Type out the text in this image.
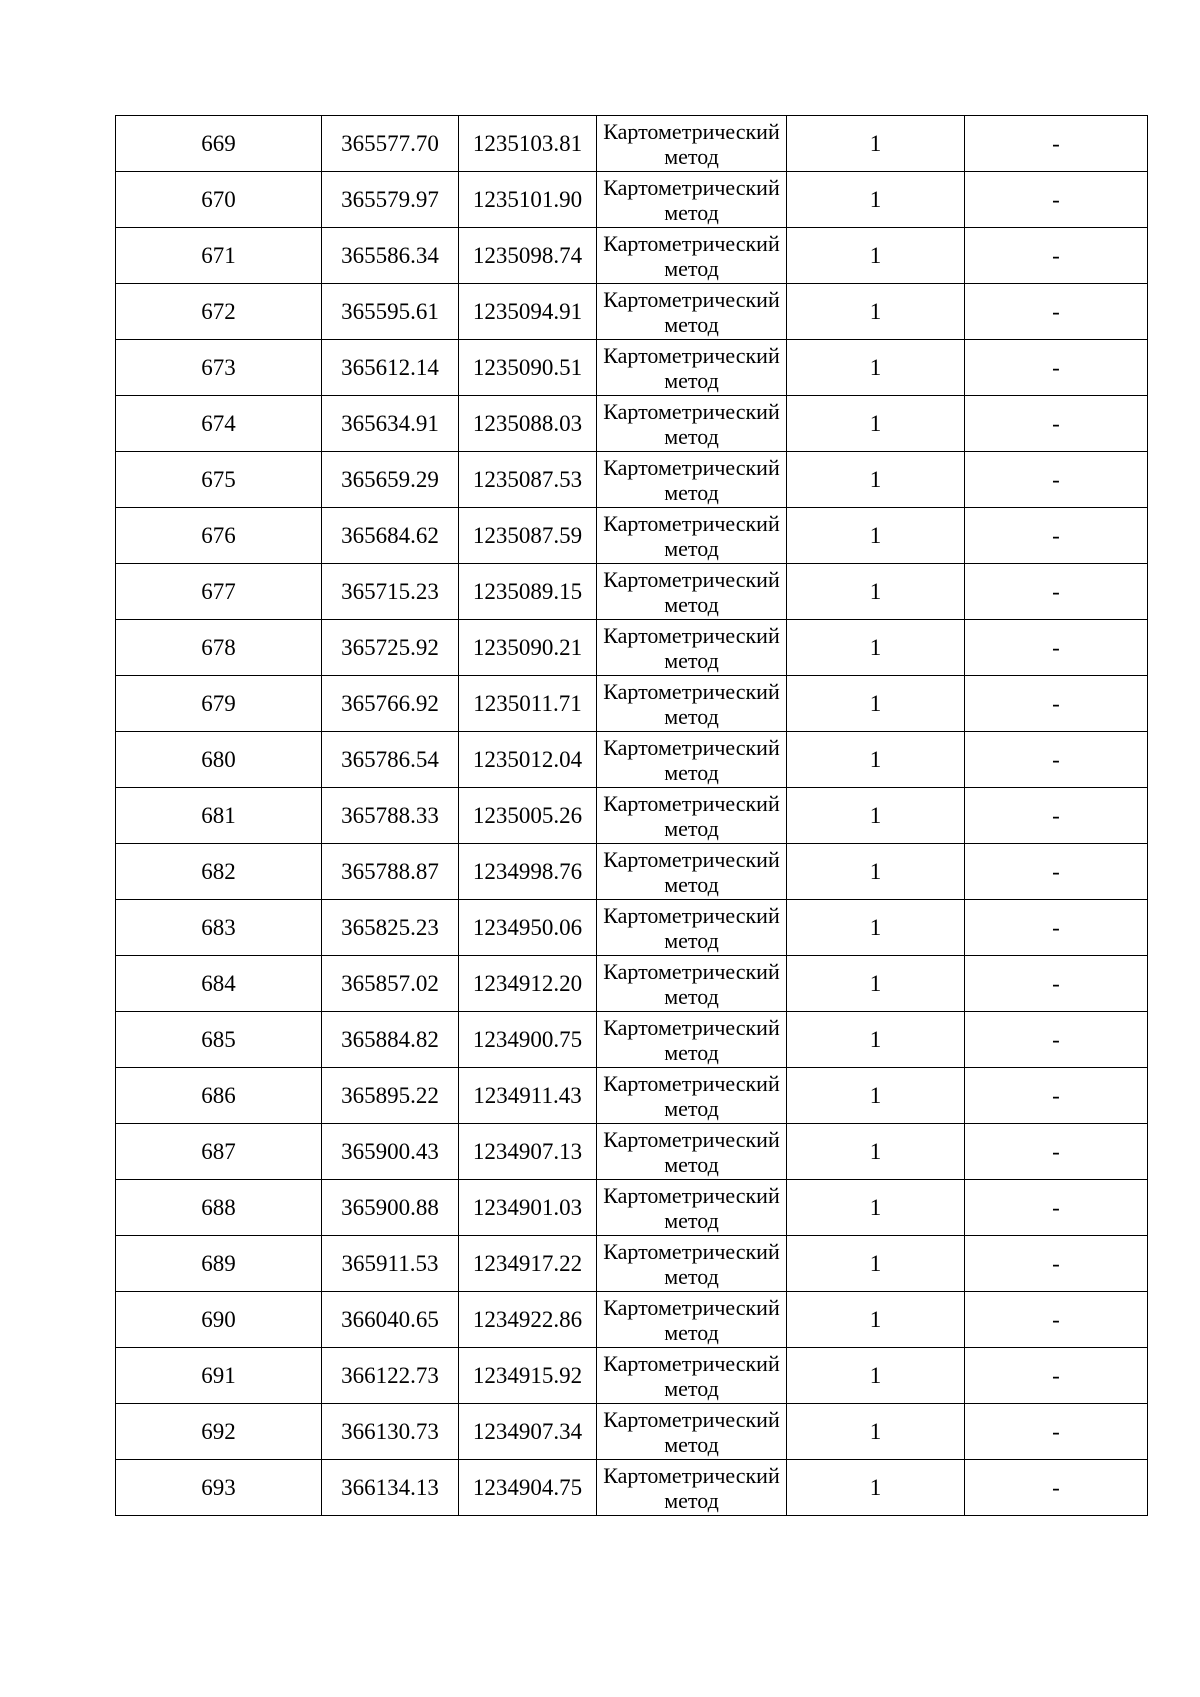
669	365577.70	1235103.81	Картометрический метод	1	-
670	365579.97	1235101.90	Картометрический метод	1	-
671	365586.34	1235098.74	Картометрический метод	1	-
672	365595.61	1235094.91	Картометрический метод	1	-
673	365612.14	1235090.51	Картометрический метод	1	-
674	365634.91	1235088.03	Картометрический метод	1	-
675	365659.29	1235087.53	Картометрический метод	1	-
676	365684.62	1235087.59	Картометрический метод	1	-
677	365715.23	1235089.15	Картометрический метод	1	-
678	365725.92	1235090.21	Картометрический метод	1	-
679	365766.92	1235011.71	Картометрический метод	1	-
680	365786.54	1235012.04	Картометрический метод	1	-
681	365788.33	1235005.26	Картометрический метод	1	-
682	365788.87	1234998.76	Картометрический метод	1	-
683	365825.23	1234950.06	Картометрический метод	1	-
684	365857.02	1234912.20	Картометрический метод	1	-
685	365884.82	1234900.75	Картометрический метод	1	-
686	365895.22	1234911.43	Картометрический метод	1	-
687	365900.43	1234907.13	Картометрический метод	1	-
688	365900.88	1234901.03	Картометрический метод	1	-
689	365911.53	1234917.22	Картометрический метод	1	-
690	366040.65	1234922.86	Картометрический метод	1	-
691	366122.73	1234915.92	Картометрический метод	1	-
692	366130.73	1234907.34	Картометрический метод	1	-
693	366134.13	1234904.75	Картометрический метод	1	-
